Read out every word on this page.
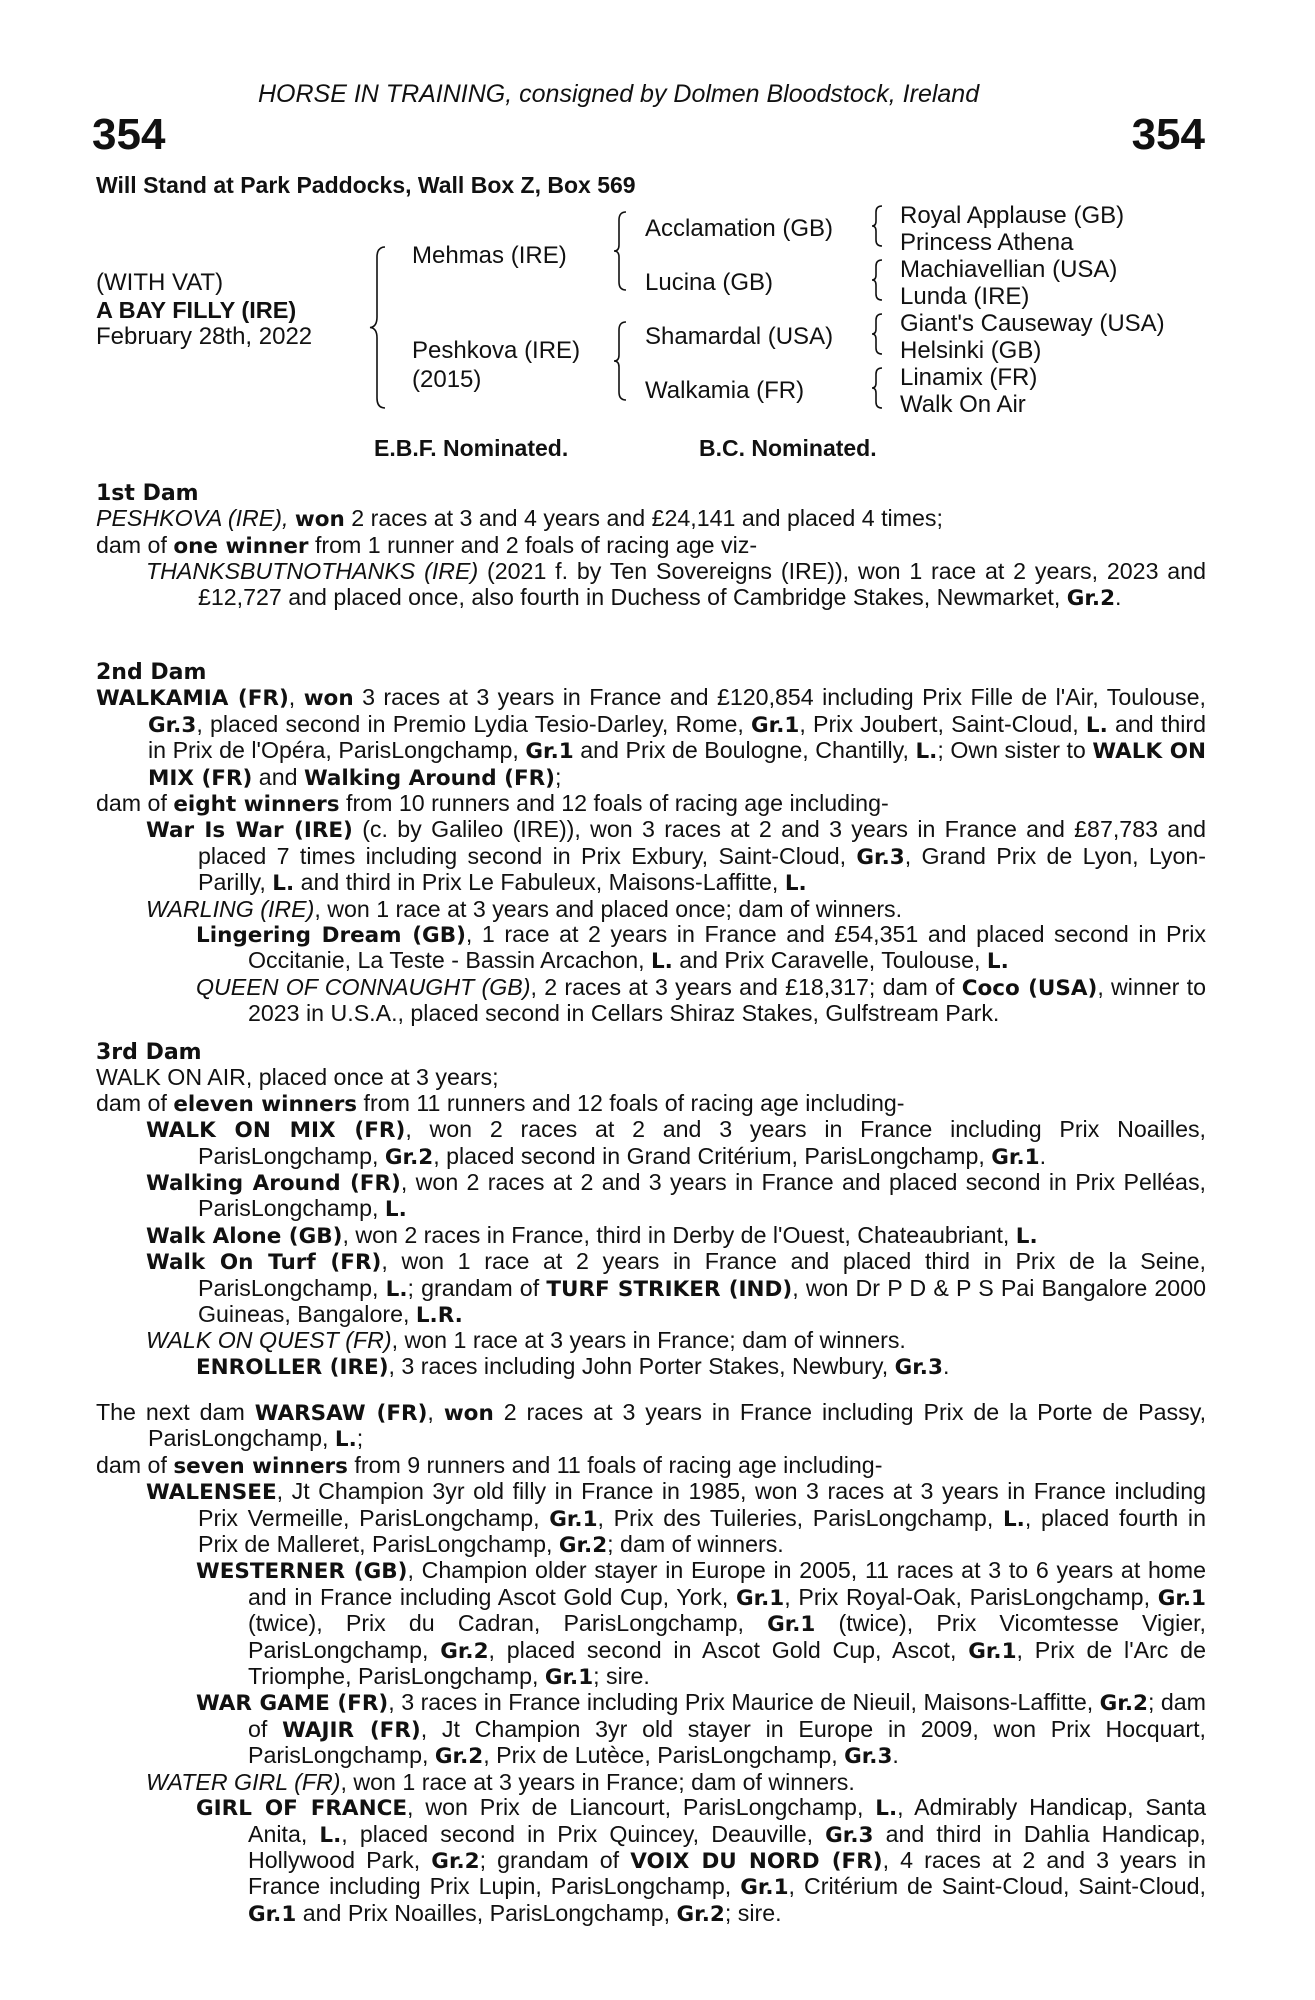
HORSE IN TRAINING, consigned by Dolmen Bloodstock, Ireland
354	354
Will Stand at Park Paddocks, Wall Box Z, Box 569
(WITH VAT)
A BAY FILLY (IRE)
February 28th, 2022
Mehmas (IRE)
Peshkova (IRE)
(2015)
Acclamation (GB)
Lucina (GB)
Shamardal (USA)
Walkamia (FR)
Royal Applause (GB)
Princess Athena
Machiavellian (USA)
Lunda (IRE)
Giant's Causeway (USA)
Helsinki (GB)
Linamix (FR)
Walk On Air
E.B.F. Nominated.	B.C. Nominated.

1st Dam

PESHKOVA (IRE), won 2 races at 3 and 4 years and £24,141 and placed 4 times;

dam of one winner from 1 runner and 2 foals of racing age viz-

THANKSBUTNOTHANKS (IRE) (2021 f. by Ten Sovereigns (IRE)), won 1 race at 2 years, 2023 and £12,727 and placed once, also fourth in Duchess of Cambridge Stakes, Newmarket, Gr.2.

2nd Dam

WALKAMIA (FR), won 3 races at 3 years in France and £120,854 including Prix Fille de l'Air, Toulouse, Gr.3, placed second in Premio Lydia Tesio-Darley, Rome, Gr.1, Prix Joubert, Saint-Cloud, L. and third in Prix de l'Opéra, ParisLongchamp, Gr.1 and Prix de Boulogne, Chantilly, L.; Own sister to WALK ON MIX (FR) and Walking Around (FR);

dam of eight winners from 10 runners and 12 foals of racing age including-

War Is War (IRE) (c. by Galileo (IRE)), won 3 races at 2 and 3 years in France and £87,783 and placed 7 times including second in Prix Exbury, Saint-Cloud, Gr.3, Grand Prix de Lyon, Lyon-Parilly, L. and third in Prix Le Fabuleux, Maisons-Laffitte, L.

WARLING (IRE), won 1 race at 3 years and placed once; dam of winners.

Lingering Dream (GB), 1 race at 2 years in France and £54,351 and placed second in Prix Occitanie, La Teste - Bassin Arcachon, L. and Prix Caravelle, Toulouse, L.

QUEEN OF CONNAUGHT (GB), 2 races at 3 years and £18,317; dam of Coco (USA), winner to 2023 in U.S.A., placed second in Cellars Shiraz Stakes, Gulfstream Park.

3rd Dam

WALK ON AIR, placed once at 3 years;

dam of eleven winners from 11 runners and 12 foals of racing age including-

WALK ON MIX (FR), won 2 races at 2 and 3 years in France including Prix Noailles, ParisLongchamp, Gr.2, placed second in Grand Critérium, ParisLongchamp, Gr.1.

Walking Around (FR), won 2 races at 2 and 3 years in France and placed second in Prix Pelléas, ParisLongchamp, L.

Walk Alone (GB), won 2 races in France, third in Derby de l'Ouest, Chateaubriant, L.

Walk On Turf (FR), won 1 race at 2 years in France and placed third in Prix de la Seine, ParisLongchamp, L.; grandam of TURF STRIKER (IND), won Dr P D & P S Pai Bangalore 2000 Guineas, Bangalore, L.R.

WALK ON QUEST (FR), won 1 race at 3 years in France; dam of winners.

ENROLLER (IRE), 3 races including John Porter Stakes, Newbury, Gr.3.

The next dam WARSAW (FR), won 2 races at 3 years in France including Prix de la Porte de Passy, ParisLongchamp, L.;

dam of seven winners from 9 runners and 11 foals of racing age including-

WALENSEE, Jt Champion 3yr old filly in France in 1985, won 3 races at 3 years in France including Prix Vermeille, ParisLongchamp, Gr.1, Prix des Tuileries, ParisLongchamp, L., placed fourth in Prix de Malleret, ParisLongchamp, Gr.2; dam of winners.

WESTERNER (GB), Champion older stayer in Europe in 2005, 11 races at 3 to 6 years at home and in France including Ascot Gold Cup, York, Gr.1, Prix Royal-Oak, ParisLongchamp, Gr.1 (twice), Prix du Cadran, ParisLongchamp, Gr.1 (twice), Prix Vicomtesse Vigier, ParisLongchamp, Gr.2, placed second in Ascot Gold Cup, Ascot, Gr.1, Prix de l'Arc de Triomphe, ParisLongchamp, Gr.1; sire.

WAR GAME (FR), 3 races in France including Prix Maurice de Nieuil, Maisons-Laffitte, Gr.2; dam of WAJIR (FR), Jt Champion 3yr old stayer in Europe in 2009, won Prix Hocquart, ParisLongchamp, Gr.2, Prix de Lutèce, ParisLongchamp, Gr.3.

WATER GIRL (FR), won 1 race at 3 years in France; dam of winners.

GIRL OF FRANCE, won Prix de Liancourt, ParisLongchamp, L., Admirably Handicap, Santa Anita, L., placed second in Prix Quincey, Deauville, Gr.3 and third in Dahlia Handicap, Hollywood Park, Gr.2; grandam of VOIX DU NORD (FR), 4 races at 2 and 3 years in France including Prix Lupin, ParisLongchamp, Gr.1, Critérium de Saint-Cloud, Saint-Cloud, Gr.1 and Prix Noailles, ParisLongchamp, Gr.2; sire.
